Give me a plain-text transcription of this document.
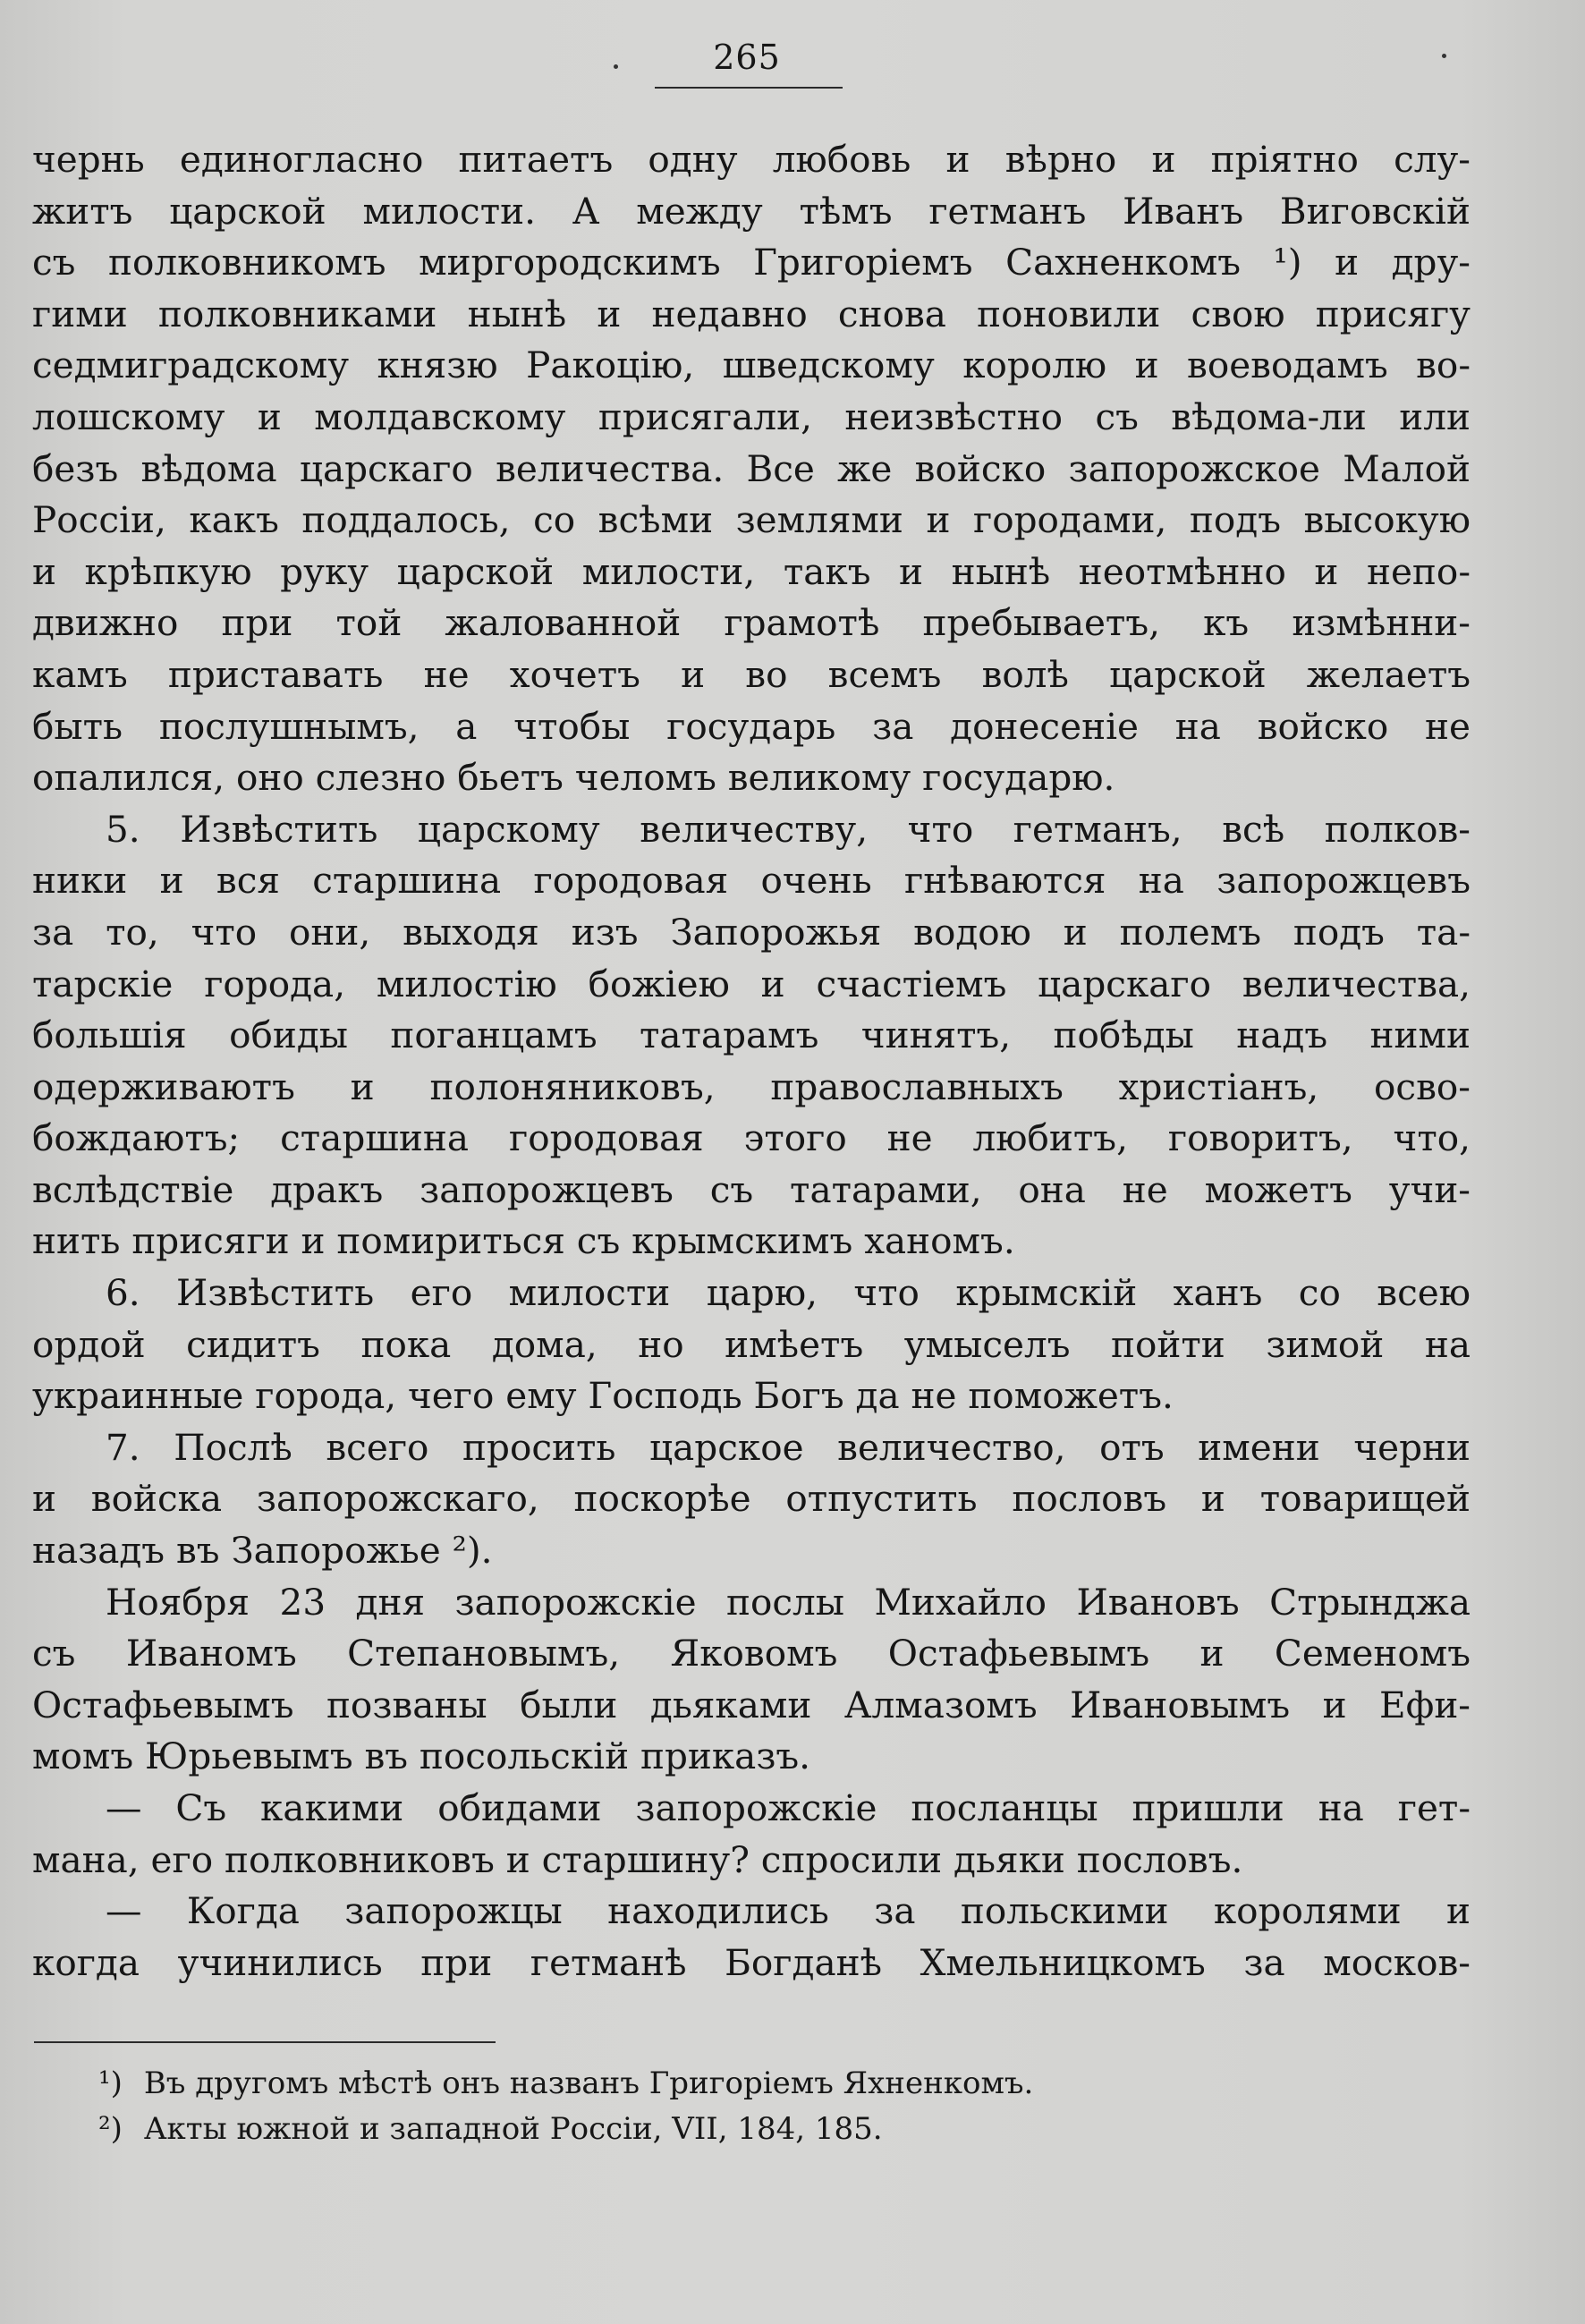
265
чернь единогласно питаетъ одну любовь и вѣрно и пріятно слу-
житъ царской милости. А между тѣмъ гетманъ Иванъ Виговскій
съ полковникомъ миргородскимъ Григоріемъ Сахненкомъ ¹) и дру-
гими полковниками нынѣ и недавно снова поновили свою присягу
седмиградскому князю Ракоцію, шведскому королю и воеводамъ во-
лошскому и молдавскому присягали, неизвѣстно съ вѣдома-ли или
безъ вѣдома царскаго величества. Все же войско запорожское Малой
Россіи, какъ поддалось, со всѣми землями и городами, подъ высокую
и крѣпкую руку царской милости, такъ и нынѣ неотмѣнно и непо-
движно при той жалованной грамотѣ пребываетъ, къ измѣнни-
камъ приставать не хочетъ и во всемъ волѣ царской желаетъ
быть послушнымъ, а чтобы государь за донесеніе на войско не
опалился, оно слезно бьетъ челомъ великому государю.
5. Извѣстить царскому величеству, что гетманъ, всѣ полков-
ники и вся старшина городовая очень гнѣваются на запорожцевъ
за то, что они, выходя изъ Запорожья водою и полемъ подъ та-
тарскіе города, милостію божіею и счастіемъ царскаго величества,
большія обиды поганцамъ татарамъ чинятъ, побѣды надъ ними
одерживаютъ и полоняниковъ, православныхъ христіанъ, осво-
бождаютъ; старшина городовая этого не любитъ, говоритъ, что,
вслѣдствіе дракъ запорожцевъ съ татарами, она не можетъ учи-
нить присяги и помириться съ крымскимъ ханомъ.
6. Извѣстить его милости царю, что крымскій ханъ со всею
ордой сидитъ пока дома, но имѣетъ умыселъ пойти зимой на
украинные города, чего ему Господь Богъ да не поможетъ.
7. Послѣ всего просить царское величество, отъ имени черни
и войска запорожскаго, поскорѣе отпустить пословъ и товарищей
назадъ въ Запорожье ²).
Ноября 23 дня запорожскіе послы Михайло Ивановъ Стрынджа
съ Иваномъ Степановымъ, Яковомъ Остафьевымъ и Семеномъ
Остафьевымъ позваны были дьяками Алмазомъ Ивановымъ и Ефи-
момъ Юрьевымъ въ посольскій приказъ.
— Съ какими обидами запорожскіе посланцы пришли на гет-
мана, его полковниковъ и старшину? спросили дьяки пословъ.
— Когда запорожцы находились за польскими королями и
когда учинились при гетманѣ Богданѣ Хмельницкомъ за москов-
¹) Въ другомъ мѣстѣ онъ названъ Григоріемъ Яхненкомъ.
²) Акты южной и западной Россіи, VII, 184, 185.
